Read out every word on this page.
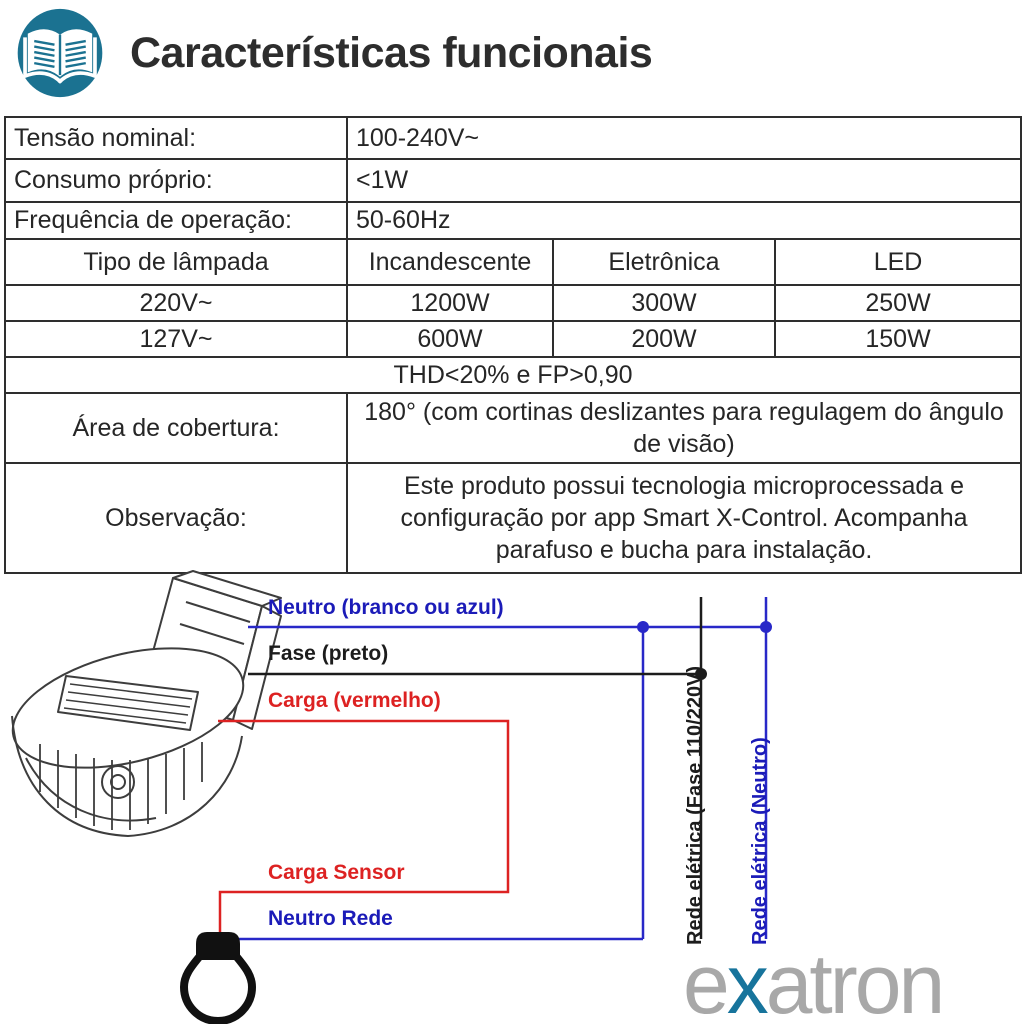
Características funcionais
Tensão nominal:	100-240V~		
Consumo próprio:	<1W		
Frequência de operação:	50-60Hz		
Tipo de lâmpada	Incandescente	Eletrônica	LED
220V~	1200W	300W	250W
127V~	600W	200W	150W
THD<20% e FP>0,90			
Área de cobertura:	180° (com cortinas deslizantes para regulagem do ângulo de visão)		
Observação:	Este produto possui tecnologia microprocessada e configuração por app Smart X-Control. Acompanha parafuso e bucha para instalação.		
Neutro (branco ou azul)
Fase (preto)
Carga (vermelho)
Carga Sensor
Neutro Rede	Rede elétrica (Fase 110/220V) Rede elétrica (Neutro)
exatron
